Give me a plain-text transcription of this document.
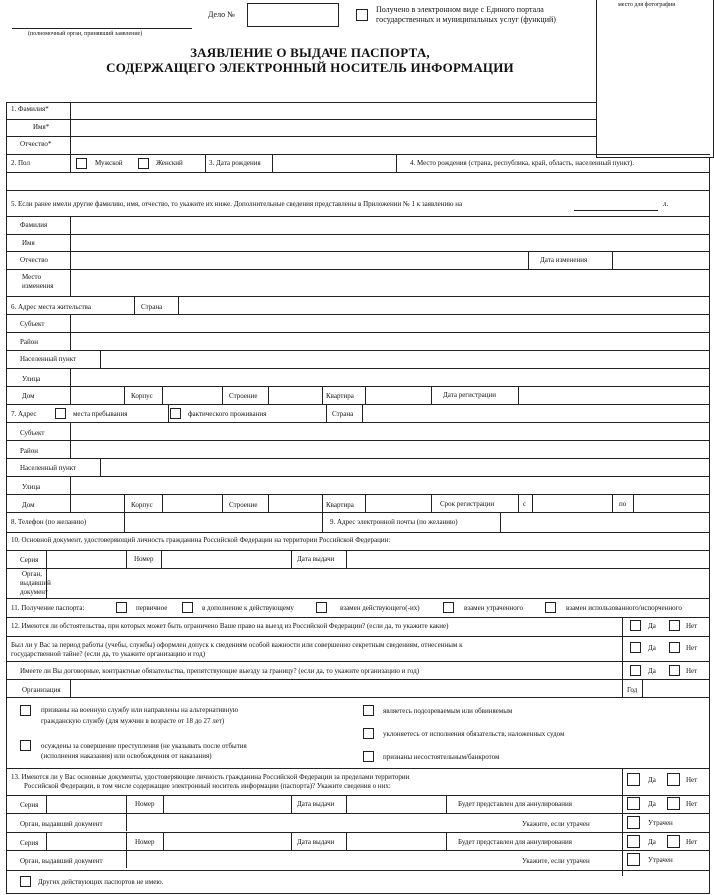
(полномочный орган, принявший заявление)
Дело №
Получено в электронном виде с Единого портала
государственных и муниципальных услуг (функций)
место для фотографии
ЗАЯВЛЕНИЕ О ВЫДАЧЕ ПАСПОРТА,
СОДЕРЖАЩЕГО ЭЛЕКТРОННЫЙ НОСИТЕЛЬ ИНФОРМАЦИИ
1. Фамилия*
Имя*
Отчество*
2. Пол	Мужской	Женский	3. Дата рождения	4. Место рождения (страна, республика, край, область, населенный пункт).
5. Если ранее имели другие фамилию, имя, отчество, то укажите их ниже. Дополнительные сведения представлены в Приложении № 1 к заявлению на	л.
Фамилия
Имя
Отчество	Дата изменения
Место
изменения
6. Адрес места жительства	Страна
Субъект
Район
Населенный пункт
Улица
Дом	Корпус	Строение	Квартира	Дата регистрации
7. Адрес	места пребывания	фактического проживания	Страна
Субъект
Район
Населенный пункт
Улица
Дом	Корпус	Строение	Квартира	Срок регистрации	с	по
8. Телефон (по желанию)	9. Адрес электронной почты (по желанию)
10. Основной документ, удостоверяющий личность гражданина Российской Федерации на территории Российской Федерации:
Серия	Номер	Дата выдачи
Орган,
выдавший
документ
11. Получение паспорта:	первичное	в дополнение к действующему	взамен действующего(-их)	взамен утраченного	взамен использованного/испорченного
12. Имеются ли обстоятельства, при которых может быть ограничено Ваше право на выезд из Российской Федерации? (если да, то укажите какие)	Да	Нет
Был ли у Вас за период работы (учебы, службы) оформлен допуск к сведениям особой важности или совершенно секретным сведениям, отнесенным к
государственной тайне? (если да, то укажите организацию и год)
Да	Нет
Имеете ли Вы договорные, контрактные обязательства, препятствующие выезду за границу? (если да, то укажите организацию и год)	Да	Нет
Организация	Год
призваны на военную службу или направлены на альтернативную
гражданскую службу (для мужчин в возрасте от 18 до 27 лет)
являетесь подозреваемым или обвиняемым
уклоняетесь от исполнения обязательств, наложенных судом
осуждены за совершение преступления (не указывать после отбытия
(исполнения наказания) или освобождения от наказания)	признаны несостоятельным/банкротом
13. Имеются ли у Вас основные документы, удостоверяющие личность гражданина Российской Федерации за пределами территории
Российской Федерации, в том числе содержащие электронный носитель информации (паспорта)? Укажите сведения о них:
Да	Нет
Серия	Номер	Дата выдачи	Будет представлен для аннулирования	Да	Нет
Орган, выдавший документ	Укажите, если утрачен	Утрачен
Серия	Номер	Дата выдачи	Будет представлен для аннулирования	Да	Нет
Орган, выдавший документ	Укажите, если утрачен	Утрачен
Других действующих паспортов не имею.
